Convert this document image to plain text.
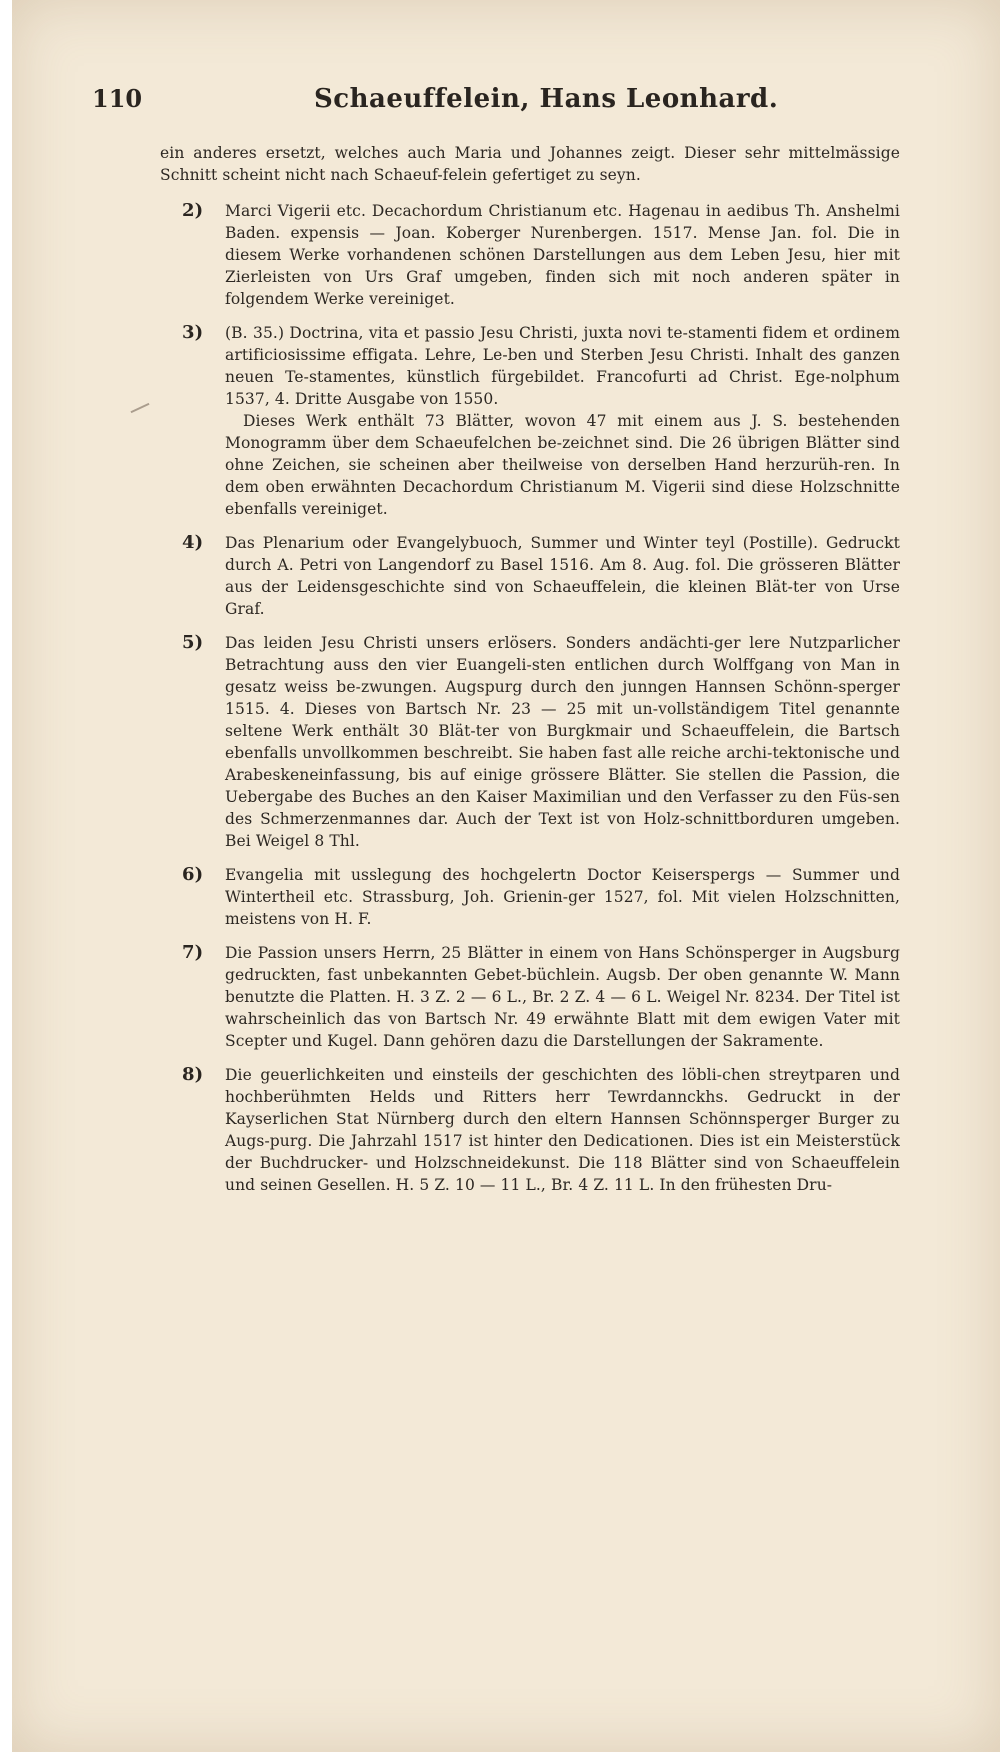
110	Schaeuffelein, Hans Leonhard.

ein anderes ersetzt, welches auch Maria und Johannes zeigt. Dieser sehr mittelmässige Schnitt scheint nicht nach Schaeuf-felein gefertiget zu seyn.

2) Marci Vigerii etc. Decachordum Christianum etc. Hagenau in aedibus Th. Anshelmi Baden. expensis — Joan. Koberger Nurenbergen. 1517. Mense Jan. fol. Die in diesem Werke vorhandenen schönen Darstellungen aus dem Leben Jesu, hier mit Zierleisten von Urs Graf umgeben, finden sich mit noch anderen später in folgendem Werke vereiniget.
3) (B. 35.) Doctrina, vita et passio Jesu Christi, juxta novi te-stamenti fidem et ordinem artificiosissime effigata. Lehre, Le-ben und Sterben Jesu Christi. Inhalt des ganzen neuen Te-stamentes, künstlich fürgebildet. Francofurti ad Christ. Ege-nolphum 1537, 4. Dritte Ausgabe von 1550.
Dieses Werk enthält 73 Blätter, wovon 47 mit einem aus J. S. bestehenden Monogramm über dem Schaeufelchen be-zeichnet sind. Die 26 übrigen Blätter sind ohne Zeichen, sie scheinen aber theilweise von derselben Hand herzurüh-ren. In dem oben erwähnten Decachordum Christianum M. Vigerii sind diese Holzschnitte ebenfalls vereiniget.
4) Das Plenarium oder Evangelybuoch, Summer und Winter teyl (Postille). Gedruckt durch A. Petri von Langendorf zu Basel 1516. Am 8. Aug. fol. Die grösseren Blätter aus der Leidensgeschichte sind von Schaeuffelein, die kleinen Blät-ter von Urse Graf.
5) Das leiden Jesu Christi unsers erlösers. Sonders andächti-ger lere Nutzparlicher Betrachtung auss den vier Euangeli-sten entlichen durch Wolffgang von Man in gesatz weiss be-zwungen. Augspurg durch den junngen Hannsen Schönn-sperger 1515. 4. Dieses von Bartsch Nr. 23 — 25 mit un-vollständigem Titel genannte seltene Werk enthält 30 Blät-ter von Burgkmair und Schaeuffelein, die Bartsch ebenfalls unvollkommen beschreibt. Sie haben fast alle reiche archi-tektonische und Arabeskeneinfassung, bis auf einige grössere Blätter. Sie stellen die Passion, die Uebergabe des Buches an den Kaiser Maximilian und den Verfasser zu den Füs-sen des Schmerzenmannes dar. Auch der Text ist von Holz-schnittborduren umgeben. Bei Weigel 8 Thl.
6) Evangelia mit usslegung des hochgelertn Doctor Keiserspergs — Summer und Wintertheil etc. Strassburg, Joh. Grienin-ger 1527, fol. Mit vielen Holzschnitten, meistens von H. F.
7) Die Passion unsers Herrn, 25 Blätter in einem von Hans Schönsperger in Augsburg gedruckten, fast unbekannten Gebet-büchlein. Augsb. Der oben genannte W. Mann benutzte die Platten. H. 3 Z. 2 — 6 L., Br. 2 Z. 4 — 6 L. Weigel Nr. 8234. Der Titel ist wahrscheinlich das von Bartsch Nr. 49 erwähnte Blatt mit dem ewigen Vater mit Scepter und Kugel. Dann gehören dazu die Darstellungen der Sakramente.
8) Die geuerlichkeiten und einsteils der geschichten des löbli-chen streytparen und hochberühmten Helds und Ritters herr Tewrdannckhs. Gedruckt in der Kayserlichen Stat Nürnberg durch den eltern Hannsen Schönnsperger Burger zu Augs-purg. Die Jahrzahl 1517 ist hinter den Dedicationen. Dies ist ein Meisterstück der Buchdrucker- und Holzschneidekunst. Die 118 Blätter sind von Schaeuffelein und seinen Gesellen. H. 5 Z. 10 — 11 L., Br. 4 Z. 11 L. In den frühesten Dru-
